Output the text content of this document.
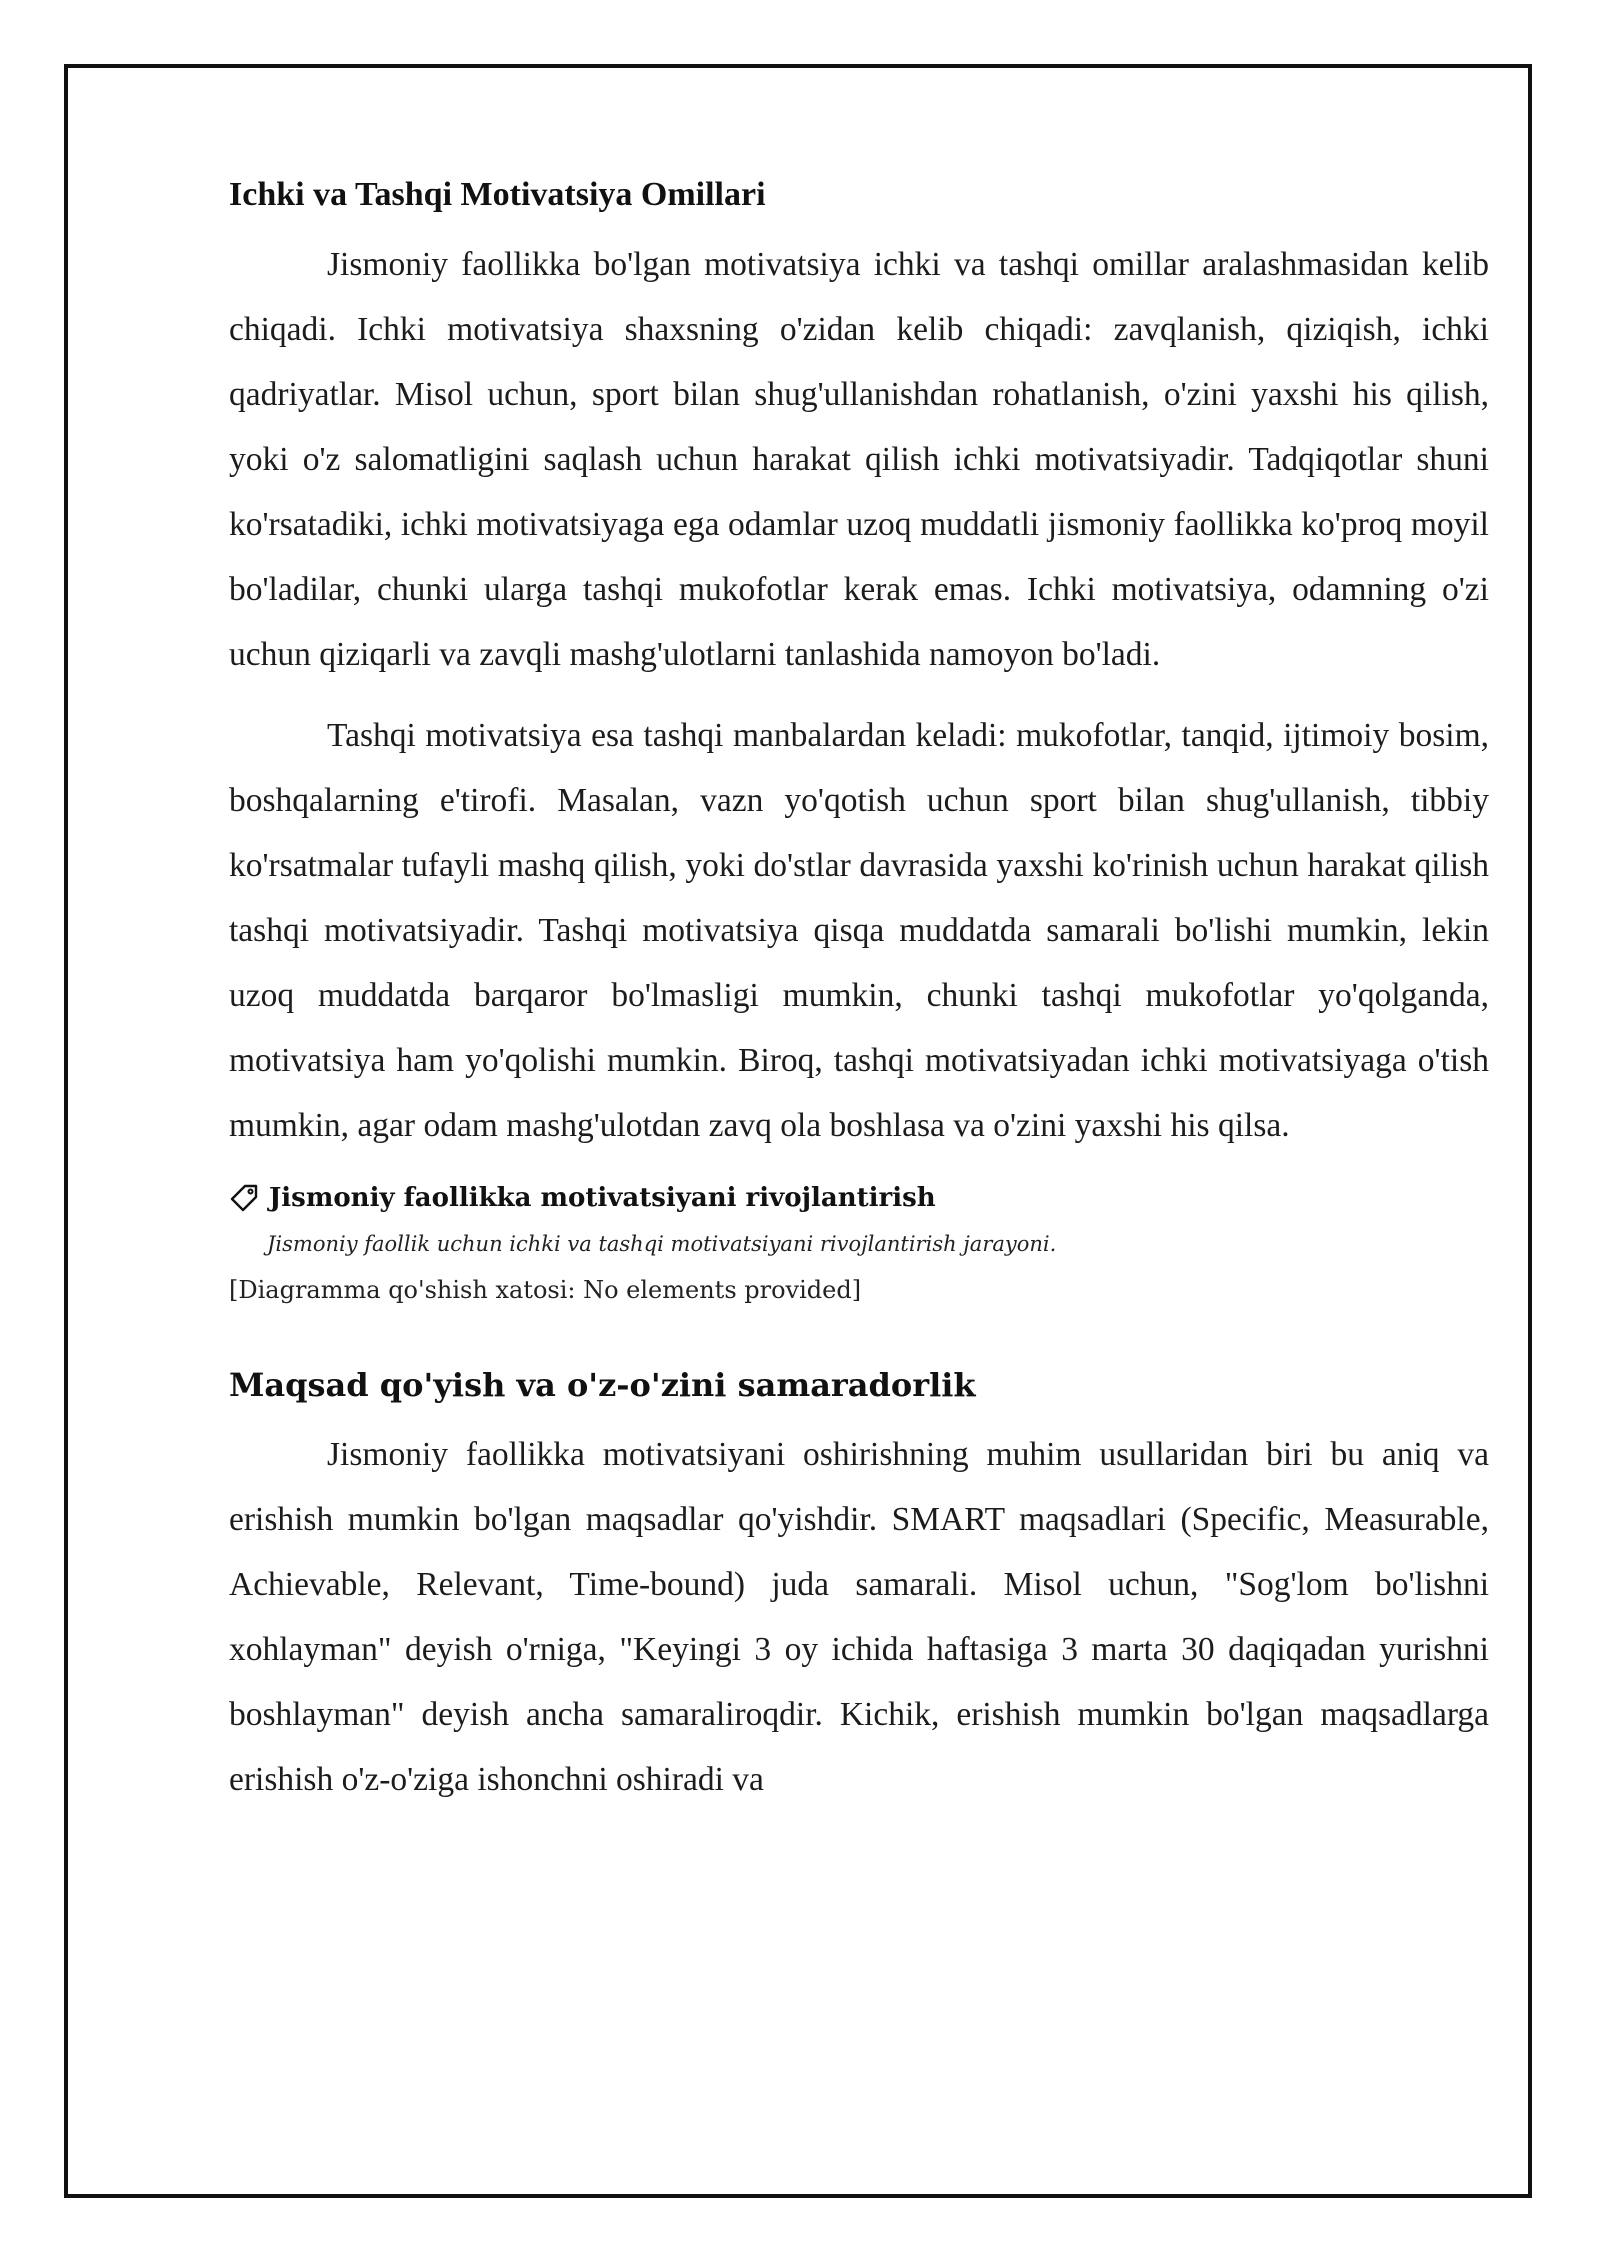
Ichki va Tashqi Motivatsiya Omillari

Jismoniy faollikka bo'lgan motivatsiya ichki va tashqi omillar aralashmasidan kelib chiqadi. Ichki motivatsiya shaxsning o'zidan kelib chiqadi: zavqlanish, qiziqish, ichki qadriyatlar. Misol uchun, sport bilan shug'ullanishdan rohatlanish, o'zini yaxshi his qilish, yoki o'z salomatligini saqlash uchun harakat qilish ichki motivatsiyadir. Tadqiqotlar shuni ko'rsatadiki, ichki motivatsiyaga ega odamlar uzoq muddatli jismoniy faollikka ko'proq moyil bo'ladilar, chunki ularga tashqi mukofotlar kerak emas. Ichki motivatsiya, odamning o'zi uchun qiziqarli va zavqli mashg'ulotlarni tanlashida namoyon bo'ladi.

Tashqi motivatsiya esa tashqi manbalardan keladi: mukofotlar, tanqid, ijtimoiy bosim, boshqalarning e'tirofi. Masalan, vazn yo'qotish uchun sport bilan shug'ullanish, tibbiy ko'rsatmalar tufayli mashq qilish, yoki do'stlar davrasida yaxshi ko'rinish uchun harakat qilish tashqi motivatsiyadir. Tashqi motivatsiya qisqa muddatda samarali bo'lishi mumkin, lekin uzoq muddatda barqaror bo'lmasligi mumkin, chunki tashqi mukofotlar yo'qolganda, motivatsiya ham yo'qolishi mumkin. Biroq, tashqi motivatsiyadan ichki motivatsiyaga o'tish mumkin, agar odam mashg'ulotdan zavq ola boshlasa va o'zini yaxshi his qilsa.

Jismoniy faollikka motivatsiyani rivojlantirish
Jismoniy faollik uchun ichki va tashqi motivatsiyani rivojlantirish jarayoni.
[Diagramma qo'shish xatosi: No elements provided]
Maqsad qo'yish va o'z-o'zini samaradorlik

Jismoniy faollikka motivatsiyani oshirishning muhim usullaridan biri bu aniq va erishish mumkin bo'lgan maqsadlar qo'yishdir. SMART maqsadlari (Specific, Measurable, Achievable, Relevant, Time-bound) juda samarali. Misol uchun, "Sog'lom bo'lishni xohlayman" deyish o'rniga, "Keyingi 3 oy ichida haftasiga 3 marta 30 daqiqadan yurishni boshlayman" deyish ancha samaraliroqdir. Kichik, erishish mumkin bo'lgan maqsadlarga erishish o'z-o'ziga ishonchni oshiradi va
